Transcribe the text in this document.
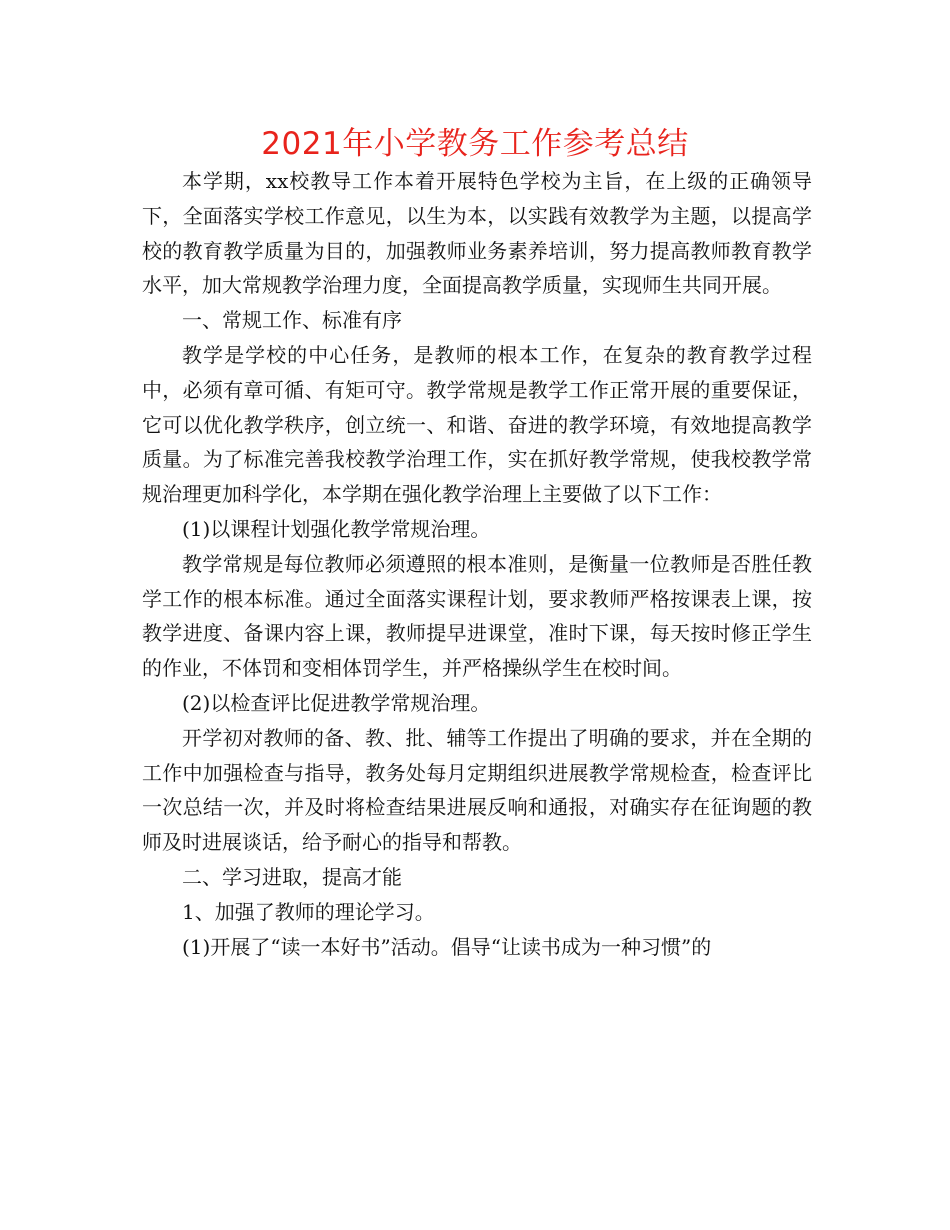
2021年小学教务工作参考总结

本学期，xx校教导工作本着开展特色学校为主旨，在上级的正确领导下，全面落实学校工作意见，以生为本，以实践有效教学为主题，以提高学校的教育教学质量为目的，加强教师业务素养培训，努力提高教师教育教学水平，加大常规教学治理力度，全面提高教学质量，实现师生共同开展。

一、常规工作、标准有序

教学是学校的中心任务，是教师的根本工作，在复杂的教育教学过程中，必须有章可循、有矩可守。教学常规是教学工作正常开展的重要保证，它可以优化教学秩序，创立统一、和谐、奋进的教学环境，有效地提高教学质量。为了标准完善我校教学治理工作，实在抓好教学常规，使我校教学常规治理更加科学化，本学期在强化教学治理上主要做了以下工作：

(1)以课程计划强化教学常规治理。

教学常规是每位教师必须遵照的根本准则，是衡量一位教师是否胜任教学工作的根本标准。通过全面落实课程计划，要求教师严格按课表上课，按教学进度、备课内容上课，教师提早进课堂，准时下课，每天按时修正学生的作业，不体罚和变相体罚学生，并严格操纵学生在校时间。

(2)以检查评比促进教学常规治理。

开学初对教师的备、教、批、辅等工作提出了明确的要求，并在全期的工作中加强检查与指导，教务处每月定期组织进展教学常规检查，检查评比一次总结一次，并及时将检查结果进展反响和通报，对确实存在征询题的教师及时进展谈话，给予耐心的指导和帮教。

二、学习进取，提高才能

1、加强了教师的理论学习。

(1)开展了“读一本好书”活动。倡导“让读书成为一种习惯”的
